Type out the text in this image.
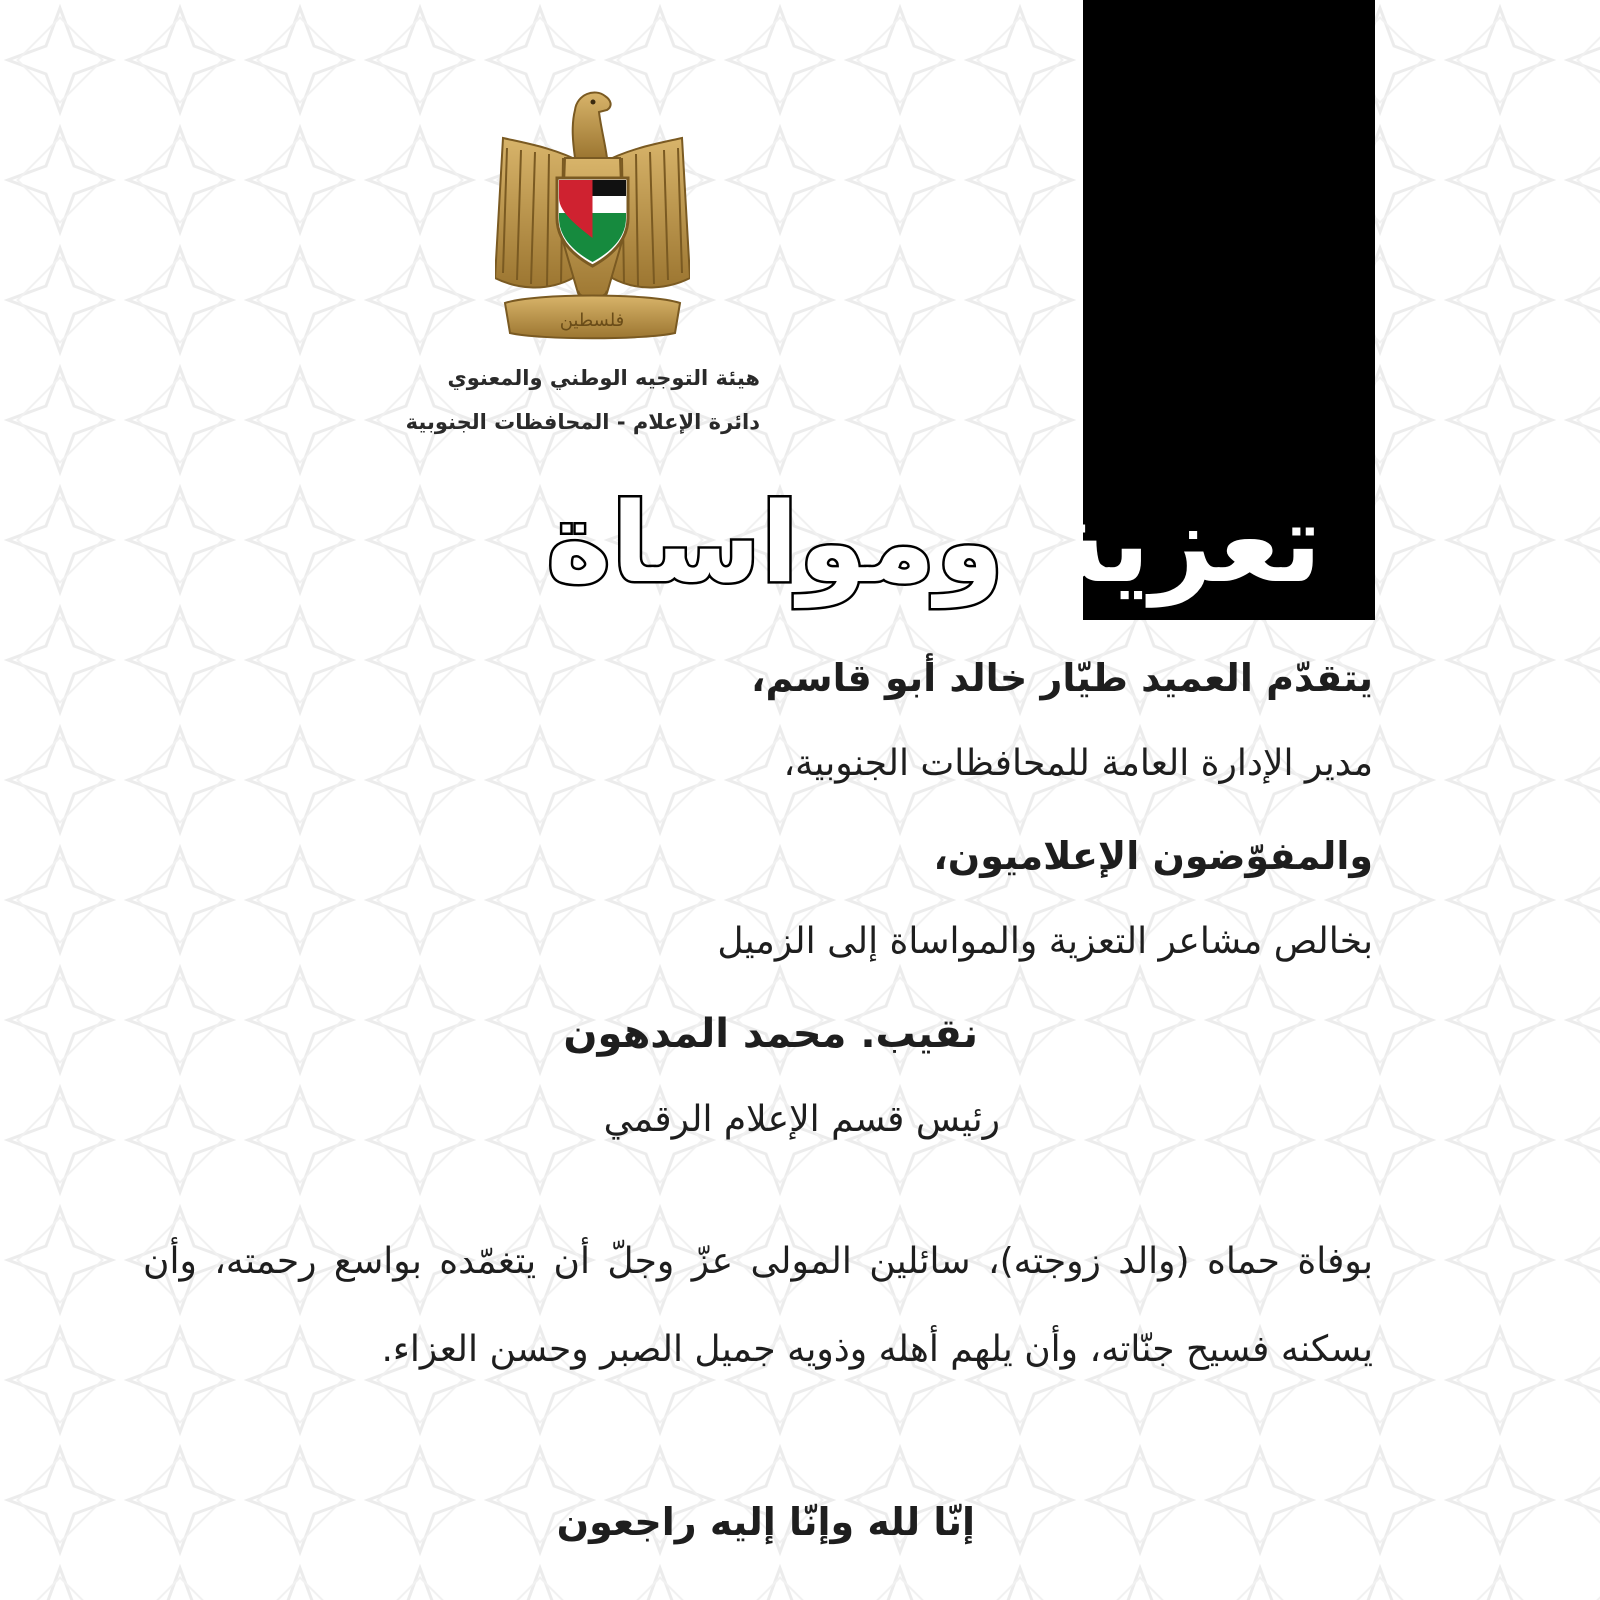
فلسطين
هيئة التوجيه الوطني والمعنوي
دائرة الإعلام - المحافظات الجنوبية
تعزية ومواساة
يتقدّم العميد طيّار خالد أبو قاسم،
مدير الإدارة العامة للمحافظات الجنوبية،
والمفوّضون الإعلاميون،
بخالص مشاعر التعزية والمواساة إلى الزميل
نقيب. محمد المدهون
رئيس قسم الإعلام الرقمي
بوفاة حماه (والد زوجته)، سائلين المولى عزّ وجلّ أن يتغمّده بواسع رحمته، وأن يسكنه فسيح جنّاته، وأن يلهم أهله وذويه جميل الصبر وحسن العزاء.
إنّا لله وإنّا إليه راجعون
